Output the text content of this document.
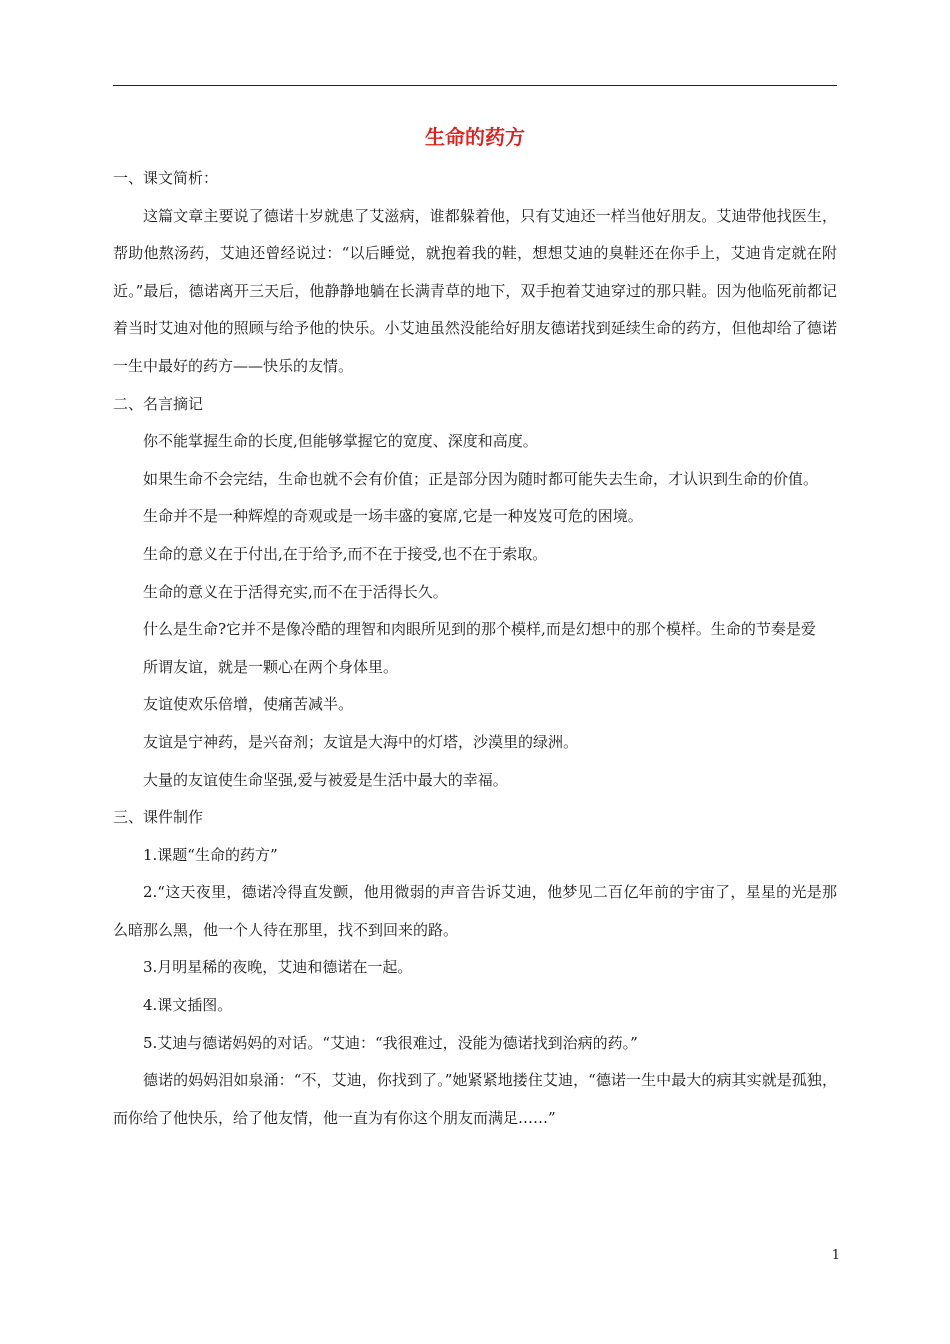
生命的药方

一、课文简析：

这篇文章主要说了德诺十岁就患了艾滋病，谁都躲着他，只有艾迪还一样当他好朋友。艾迪带他找医生，帮助他熬汤药，艾迪还曾经说过：“以后睡觉，就抱着我的鞋，想想艾迪的臭鞋还在你手上，艾迪肯定就在附近。”最后，德诺离开三天后，他静静地躺在长满青草的地下，双手抱着艾迪穿过的那只鞋。因为他临死前都记着当时艾迪对他的照顾与给予他的快乐。小艾迪虽然没能给好朋友德诺找到延续生命的药方，但他却给了德诺一生中最好的药方——快乐的友情。

二、名言摘记

你不能掌握生命的长度,但能够掌握它的宽度、深度和高度。

如果生命不会完结，生命也就不会有价值；正是部分因为随时都可能失去生命，才认识到生命的价值。

生命并不是一种辉煌的奇观或是一场丰盛的宴席,它是一种岌岌可危的困境。

生命的意义在于付出,在于给予,而不在于接受,也不在于索取。

生命的意义在于活得充实,而不在于活得长久。

什么是生命?它并不是像冷酷的理智和肉眼所见到的那个模样,而是幻想中的那个模样。生命的节奏是爱

所谓友谊，就是一颗心在两个身体里。

友谊使欢乐倍增，使痛苦减半。

友谊是宁神药，是兴奋剂；友谊是大海中的灯塔，沙漠里的绿洲。

大量的友谊使生命坚强,爱与被爱是生活中最大的幸福。

三、课件制作

1.课题“生命的药方”

2.“这天夜里，德诺冷得直发颤，他用微弱的声音告诉艾迪，他梦见二百亿年前的宇宙了，星星的光是那么暗那么黑，他一个人待在那里，找不到回来的路。

3.月明星稀的夜晚，艾迪和德诺在一起。

4.课文插图。

5.艾迪与德诺妈妈的对话。“艾迪：“我很难过，没能为德诺找到治病的药。”

德诺的妈妈泪如泉涌：“不，艾迪，你找到了。”她紧紧地搂住艾迪，“德诺一生中最大的病其实就是孤独，而你给了他快乐，给了他友情，他一直为有你这个朋友而满足……”

1
